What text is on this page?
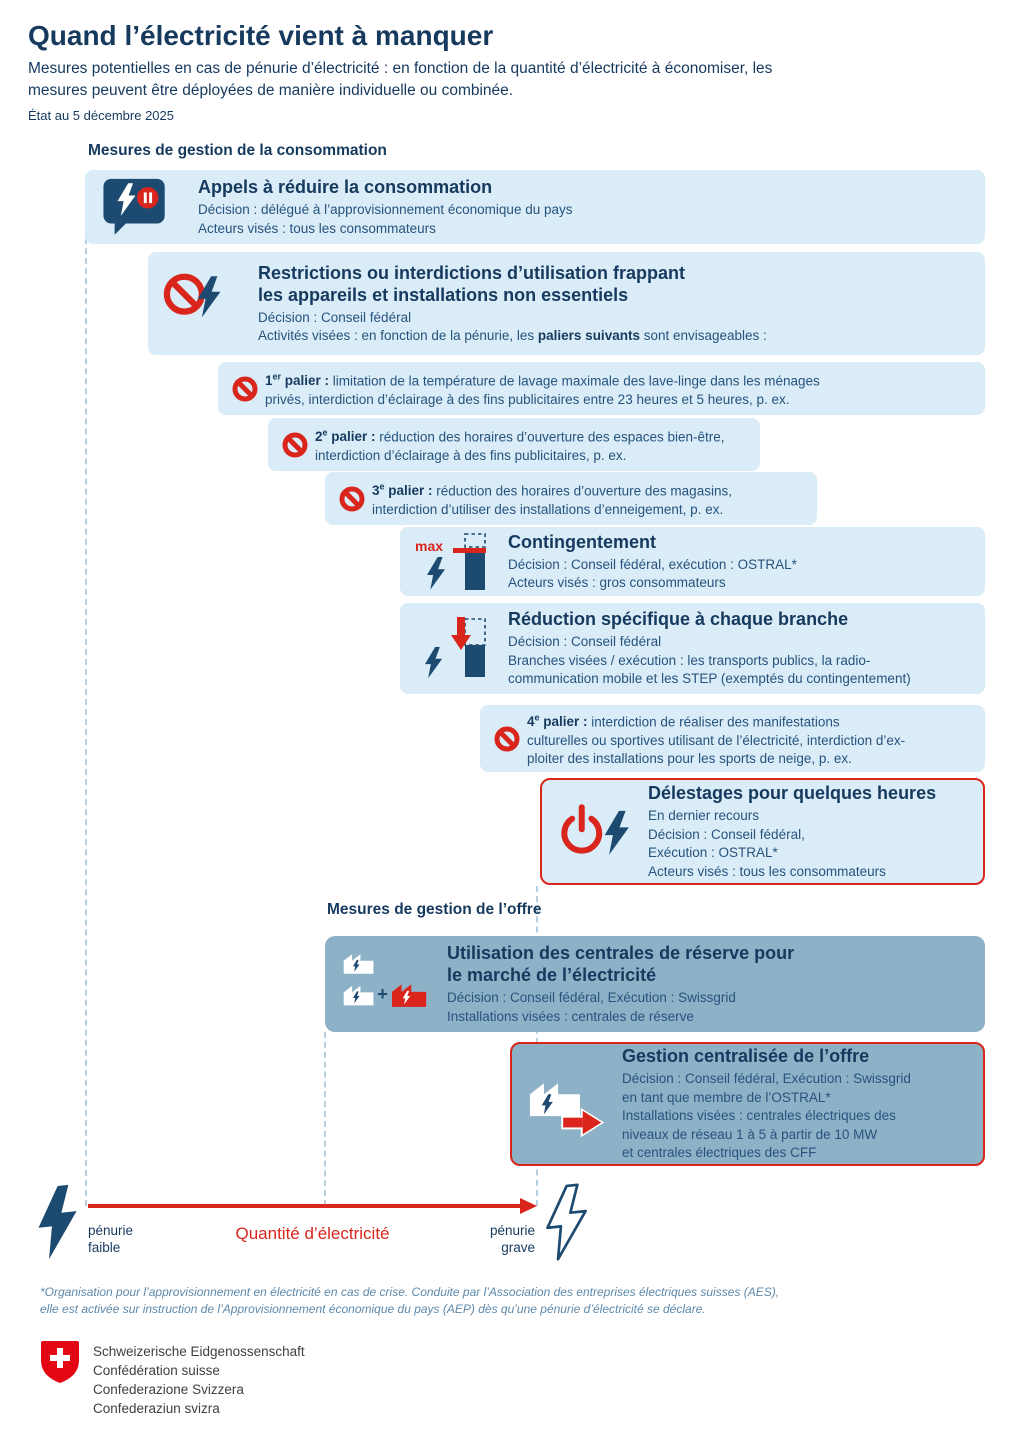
Quand l’électricité vient à manquer
Mesures potentielles en cas de pénurie d’électricité : en fonction de la quantité d’électricité à économiser, les mesures peuvent être déployées de manière individuelle ou combinée.
État au 5 décembre 2025
Mesures de gestion de la consommation
Appels à réduire la consommation
Décision : délégué à l’approvisionnement économique du pays
Acteurs visés : tous les consommateurs
Restrictions ou interdictions d’utilisation frappant
les appareils et installations non essentiels
Décision : Conseil fédéral
Activités visées : en fonction de la pénurie, les paliers suivants sont envisageables :
1er palier : limitation de la température de lavage maximale des lave-linge dans les ménages
privés, interdiction d’éclairage à des fins publicitaires entre 23 heures et 5 heures, p. ex.
2e palier : réduction des horaires d’ouverture des espaces bien-être,
interdiction d’éclairage à des fins publicitaires, p. ex.
3e palier : réduction des horaires d’ouverture des magasins,
interdiction d’utiliser des installations d’enneigement, p. ex.
max	Contingentement
Décision : Conseil fédéral, exécution : OSTRAL*
Acteurs visés : gros consommateurs
Réduction spécifique à chaque branche
Décision : Conseil fédéral
Branches visées / exécution : les transports publics, la radio-
communication mobile et les STEP (exemptés du contingentement)
4e palier : interdiction de réaliser des manifestations
culturelles ou sportives utilisant de l’électricité, interdiction d’ex-
ploiter des installations pour les sports de neige, p. ex.
Délestages pour quelques heures
En dernier recours
Décision : Conseil fédéral,
Exécution : OSTRAL*
Acteurs visés : tous les consommateurs
Mesures de gestion de l’offre
+
Utilisation des centrales de réserve pour
le marché de l’électricité
Décision : Conseil fédéral, Exécution : Swissgrid
Installations visées : centrales de réserve
Gestion centralisée de l’offre
Décision : Conseil fédéral, Exécution : Swissgrid
en tant que membre de l’OSTRAL*
Installations visées : centrales électriques des
niveaux de réseau 1 à 5 à partir de 10 MW
et centrales électriques des CFF
pénurie
faible
Quantité d’électricité	pénurie
grave
*Organisation pour l’approvisionnement en électricité en cas de crise. Conduite par l’Association des entreprises électriques suisses (AES),
elle est activée sur instruction de l’Approvisionnement économique du pays (AEP) dès qu’une pénurie d’électricité se déclare.
Schweizerische Eidgenossenschaft
Confédération suisse
Confederazione Svizzera
Confederaziun svizra
